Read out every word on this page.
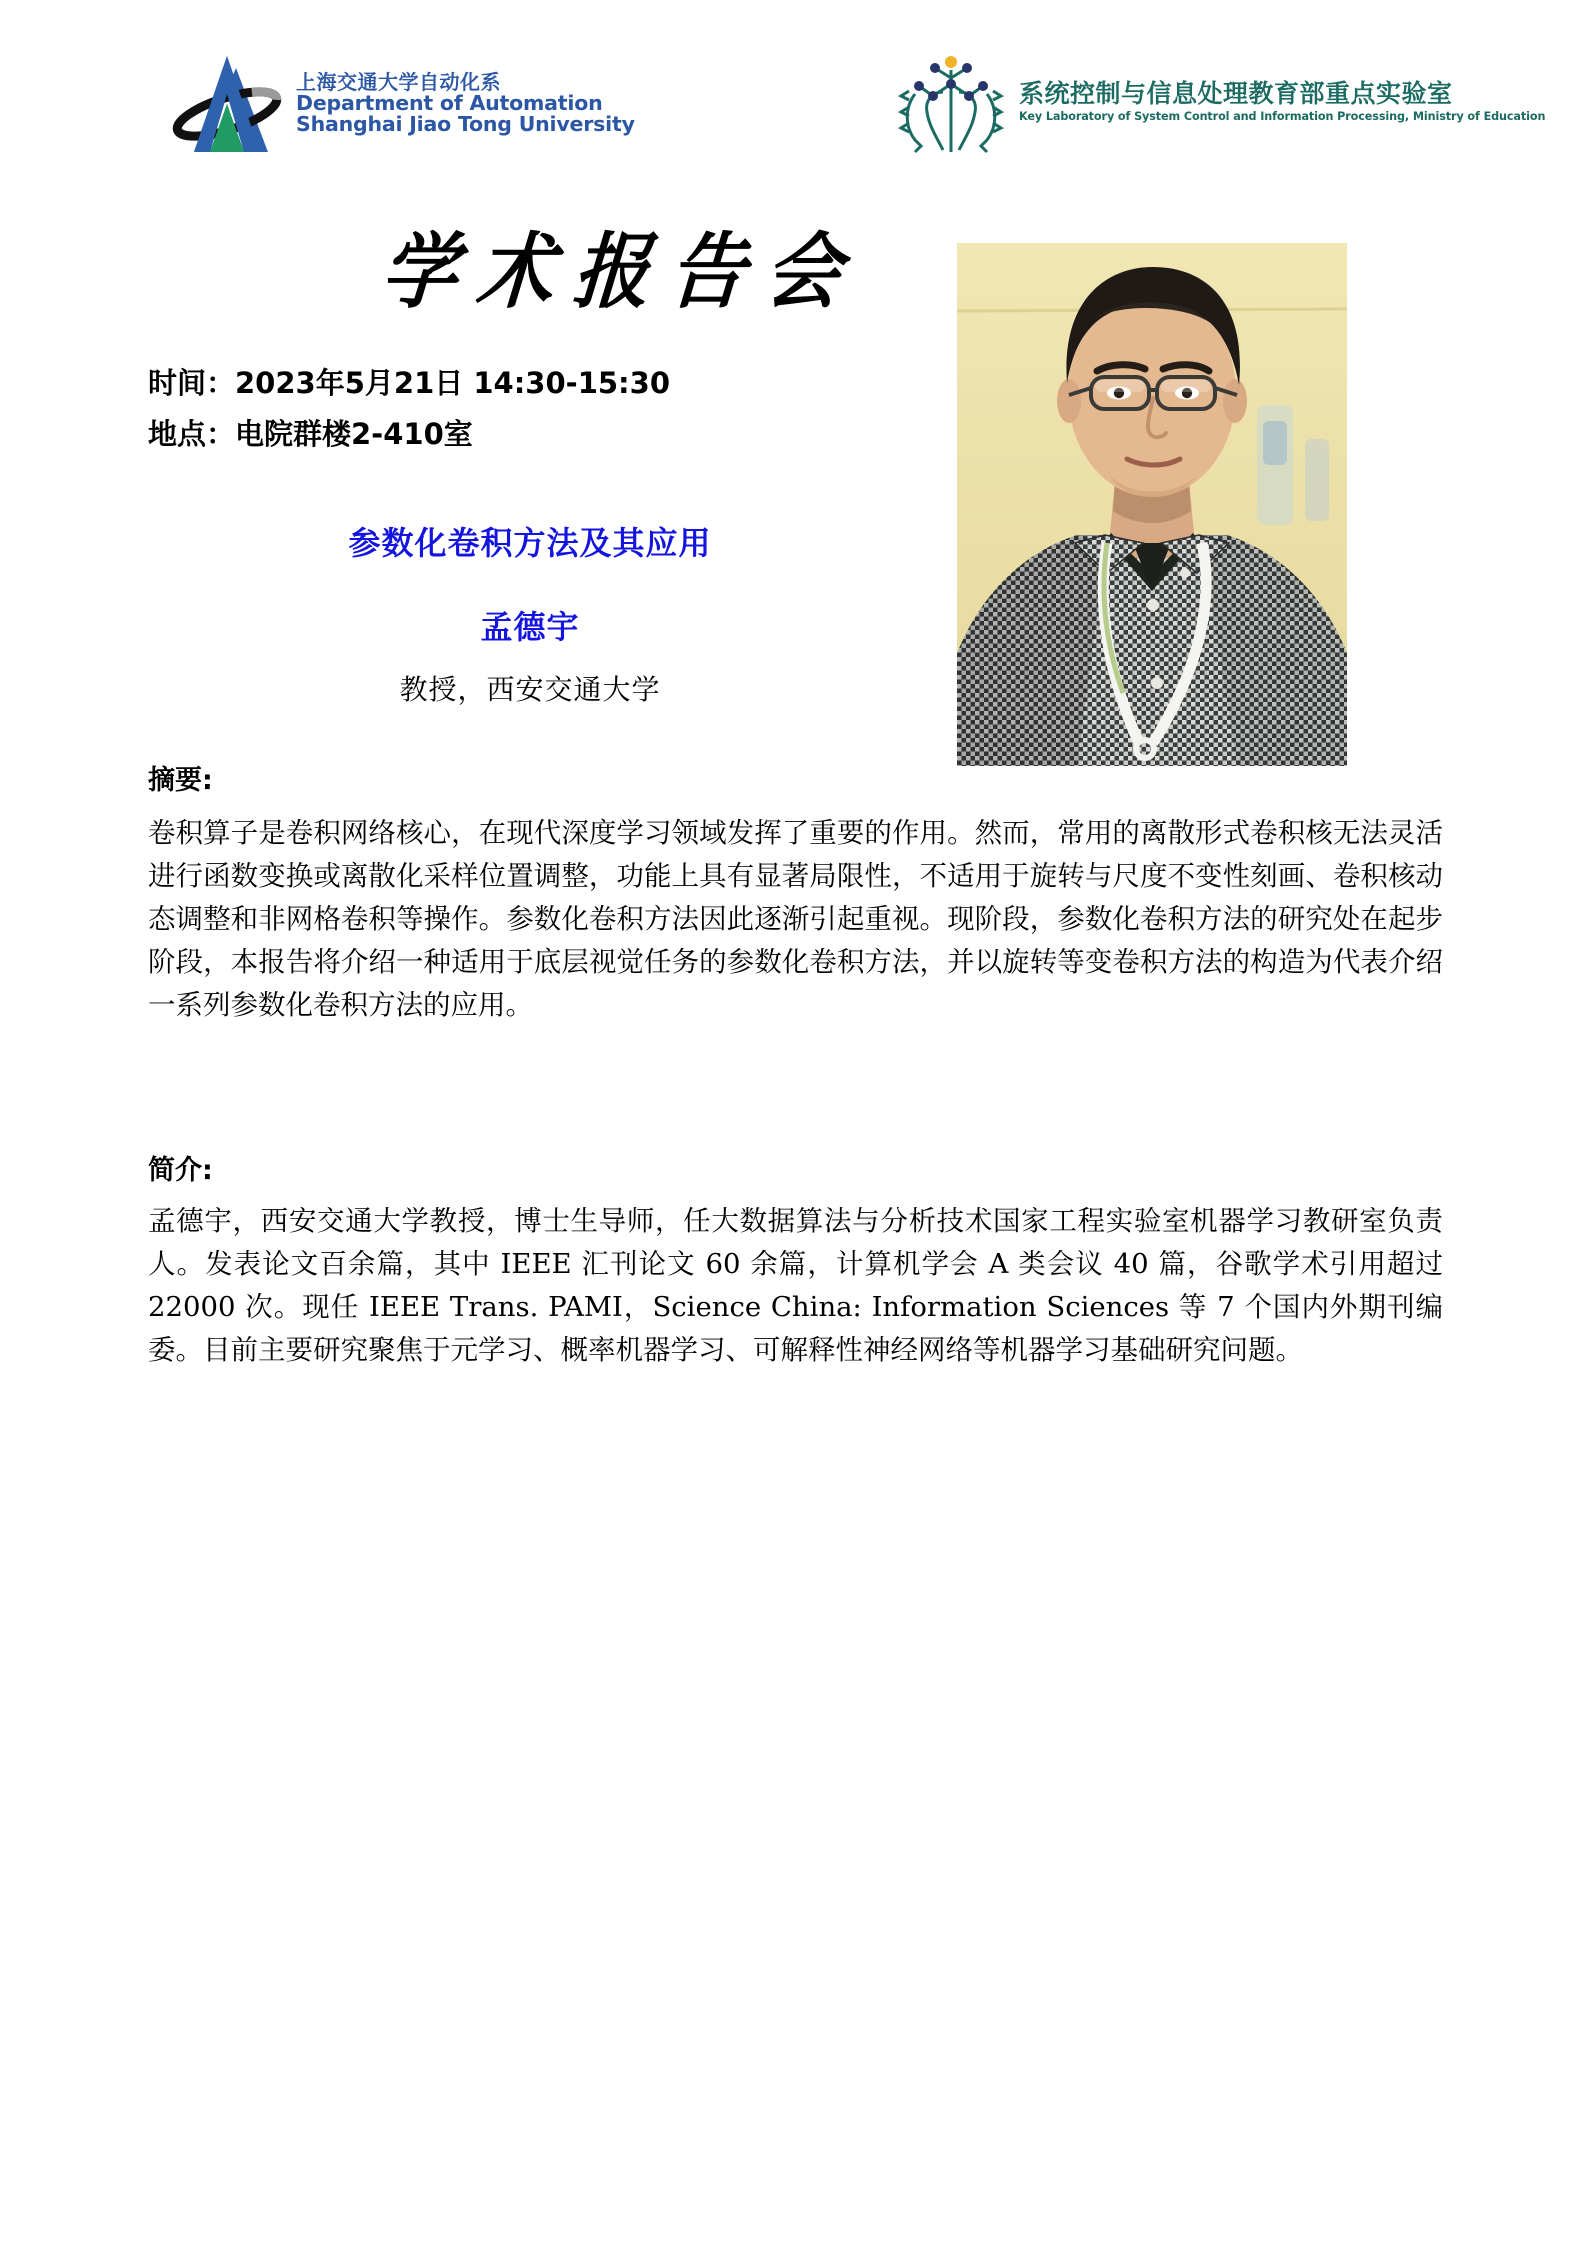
上海交通大学自动化系
Department of Automation
Shanghai Jiao Tong University
系统控制与信息处理教育部重点实验室
Key Laboratory of System Control and Information Processing, Ministry of Education
学术报告会
时间：2023年5月21日 14:30-15:30
地点：电院群楼2-410室
参数化卷积方法及其应用
孟德宇
教授，西安交通大学
摘要:
卷积算子是卷积网络核心，在现代深度学习领域发挥了重要的作用。然而，常用的离散形式卷积核无法灵活进行函数变换或离散化采样位置调整，功能上具有显著局限性，不适用于旋转与尺度不变性刻画、卷积核动态调整和非网格卷积等操作。参数化卷积方法因此逐渐引起重视。现阶段，参数化卷积方法的研究处在起步阶段，本报告将介绍一种适用于底层视觉任务的参数化卷积方法，并以旋转等变卷积方法的构造为代表介绍一系列参数化卷积方法的应用。
简介:
孟德宇，西安交通大学教授，博士生导师，任大数据算法与分析技术国家工程实验室机器学习教研室负责人。发表论文百余篇，其中 IEEE 汇刊论文 60 余篇，计算机学会 A 类会议 40 篇，谷歌学术引用超过 22000 次。现任 IEEE Trans. PAMI，Science China: Information Sciences 等 7 个国内外期刊编委。目前主要研究聚焦于元学习、概率机器学习、可解释性神经网络等机器学习基础研究问题。
